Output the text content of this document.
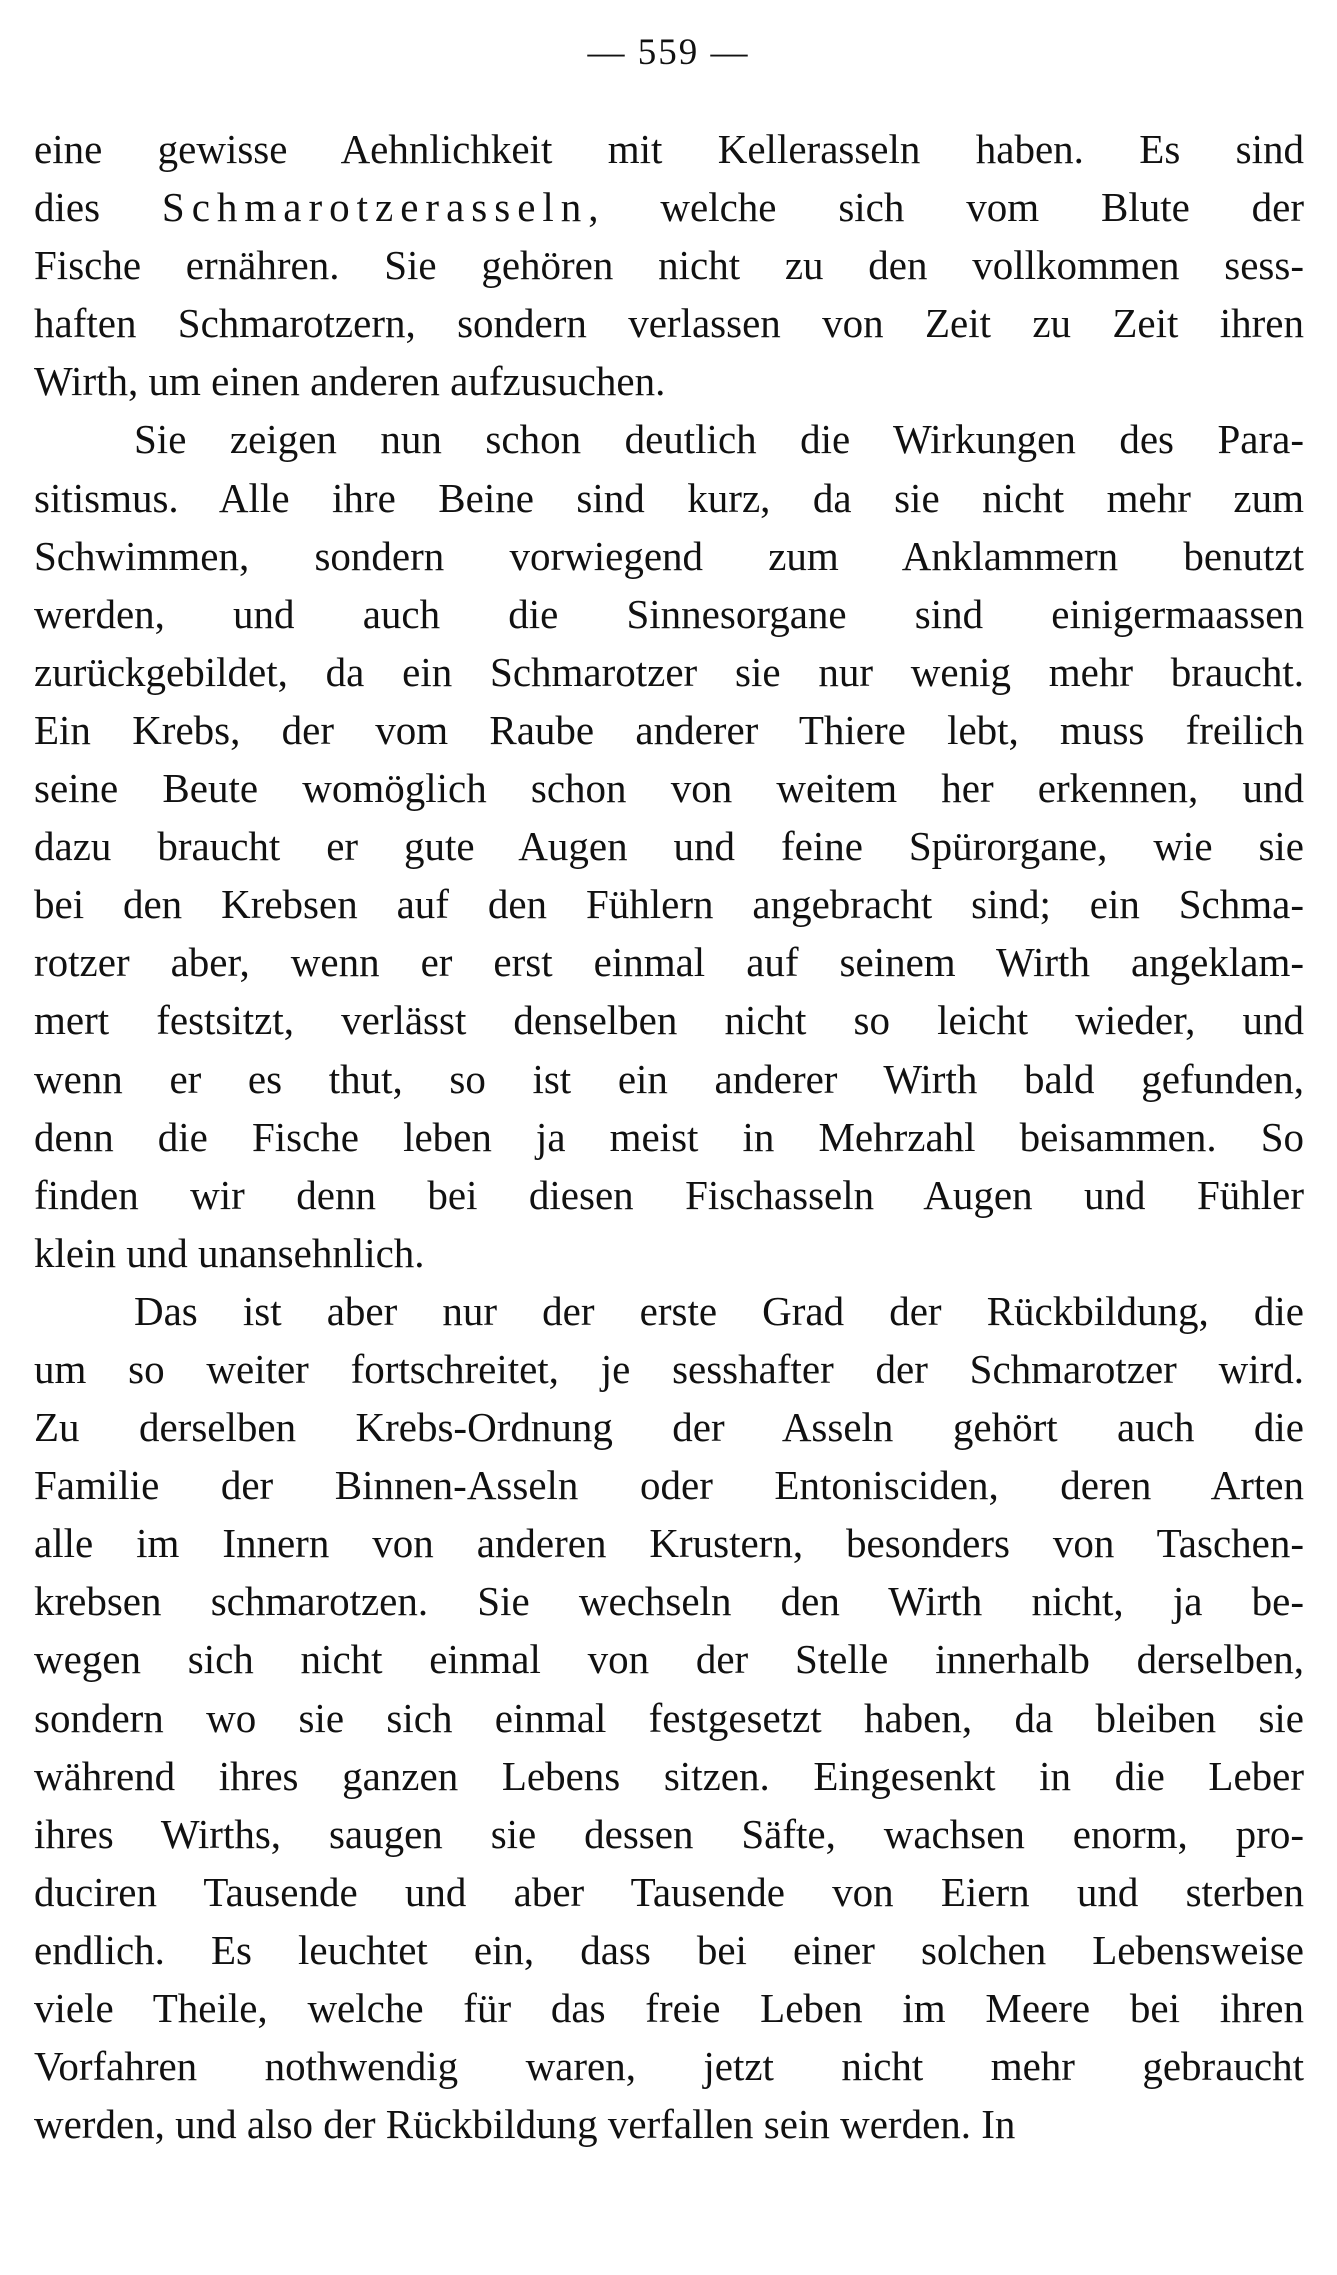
— 559 —
eine gewisse Aehnlichkeit mit Kellerasseln haben. Es sind
dies Schmarotzerasseln, welche sich vom Blute der
Fische ernähren. Sie gehören nicht zu den vollkommen sess-
haften Schmarotzern, sondern verlassen von Zeit zu Zeit ihren
Wirth, um einen anderen aufzusuchen.
Sie zeigen nun schon deutlich die Wirkungen des Para-
sitismus. Alle ihre Beine sind kurz, da sie nicht mehr zum
Schwimmen, sondern vorwiegend zum Anklammern benutzt
werden, und auch die Sinnesorgane sind einigermaassen
zurückgebildet, da ein Schmarotzer sie nur wenig mehr braucht.
Ein Krebs, der vom Raube anderer Thiere lebt, muss freilich
seine Beute womöglich schon von weitem her erkennen, und
dazu braucht er gute Augen und feine Spürorgane, wie sie
bei den Krebsen auf den Fühlern angebracht sind; ein Schma-
rotzer aber, wenn er erst einmal auf seinem Wirth angeklam-
mert festsitzt, verlässt denselben nicht so leicht wieder, und
wenn er es thut, so ist ein anderer Wirth bald gefunden,
denn die Fische leben ja meist in Mehrzahl beisammen. So
finden wir denn bei diesen Fischasseln Augen und Fühler
klein und unansehnlich.
Das ist aber nur der erste Grad der Rückbildung, die
um so weiter fortschreitet, je sesshafter der Schmarotzer wird.
Zu derselben Krebs-Ordnung der Asseln gehört auch die
Familie der Binnen-Asseln oder Entonisciden, deren Arten
alle im Innern von anderen Krustern, besonders von Taschen-
krebsen schmarotzen. Sie wechseln den Wirth nicht, ja be-
wegen sich nicht einmal von der Stelle innerhalb derselben,
sondern wo sie sich einmal festgesetzt haben, da bleiben sie
während ihres ganzen Lebens sitzen. Eingesenkt in die Leber
ihres Wirths, saugen sie dessen Säfte, wachsen enorm, pro-
duciren Tausende und aber Tausende von Eiern und sterben
endlich. Es leuchtet ein, dass bei einer solchen Lebensweise
viele Theile, welche für das freie Leben im Meere bei ihren
Vorfahren nothwendig waren, jetzt nicht mehr gebraucht
werden, und also der Rückbildung verfallen sein werden. In
